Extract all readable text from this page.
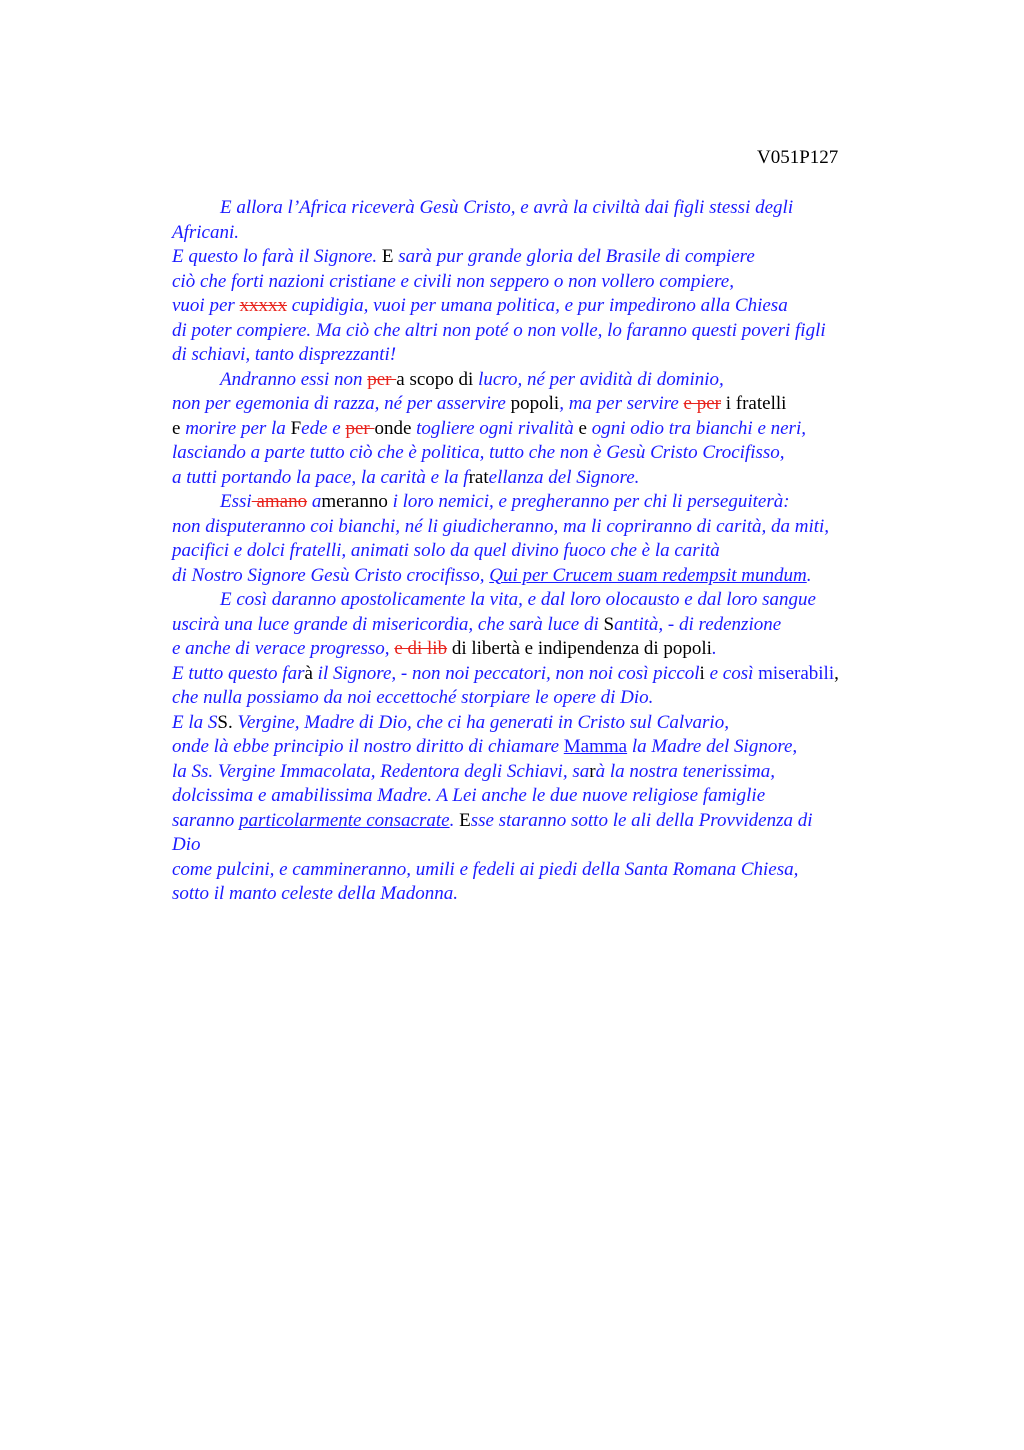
V051P127
E allora l’Africa riceverà Gesù Cristo, e avrà la civiltà dai figli stessi degli
Africani.
E questo lo farà il Signore. E sarà pur grande gloria del Brasile di compiere
ciò che forti nazioni cristiane e civili non seppero o non vollero compiere,
vuoi per xxxxx cupidigia, vuoi per umana politica, e pur impedirono alla Chiesa
di poter compiere. Ma ciò che altri non poté o non volle, lo faranno questi poveri figli
di schiavi, tanto disprezzanti!
Andranno essi non per a scopo di lucro, né per avidità di dominio,
non per egemonia di razza, né per asservire popoli, ma per servire e per i fratelli
e morire per la Fede e per onde togliere ogni rivalità e ogni odio tra bianchi e neri,
lasciando a parte tutto ciò che è politica, tutto che non è Gesù Cristo Crocifisso,
a tutti portando la pace, la carità e la fratellanza del Signore.
Essi amano ameranno i loro nemici, e pregheranno per chi li perseguiterà:
non disputeranno coi bianchi, né li giudicheranno, ma li copriranno di carità, da miti,
pacifici e dolci fratelli, animati solo da quel divino fuoco che è la carità
di Nostro Signore Gesù Cristo crocifisso, Qui per Crucem suam redempsit mundum.
E così daranno apostolicamente la vita, e dal loro olocausto e dal loro sangue
uscirà una luce grande di misericordia, che sarà luce di Santità, - di redenzione
e anche di verace progresso, e di lib di libertà e indipendenza di popoli.
E tutto questo farà il Signore, - non noi peccatori, non noi così piccoli e così miserabili,
che nulla possiamo da noi eccettoché storpiare le opere di Dio.
E la SS. Vergine, Madre di Dio, che ci ha generati in Cristo sul Calvario,
onde là ebbe principio il nostro diritto di chiamare Mamma la Madre del Signore,
la Ss. Vergine Immacolata, Redentora degli Schiavi, sarà la nostra tenerissima,
dolcissima e amabilissima Madre. A Lei anche le due nuove religiose famiglie
saranno particolarmente consacrate. Esse staranno sotto le ali della Provvidenza di
Dio
come pulcini, e cammineranno, umili e fedeli ai piedi della Santa Romana Chiesa,
sotto il manto celeste della Madonna.
